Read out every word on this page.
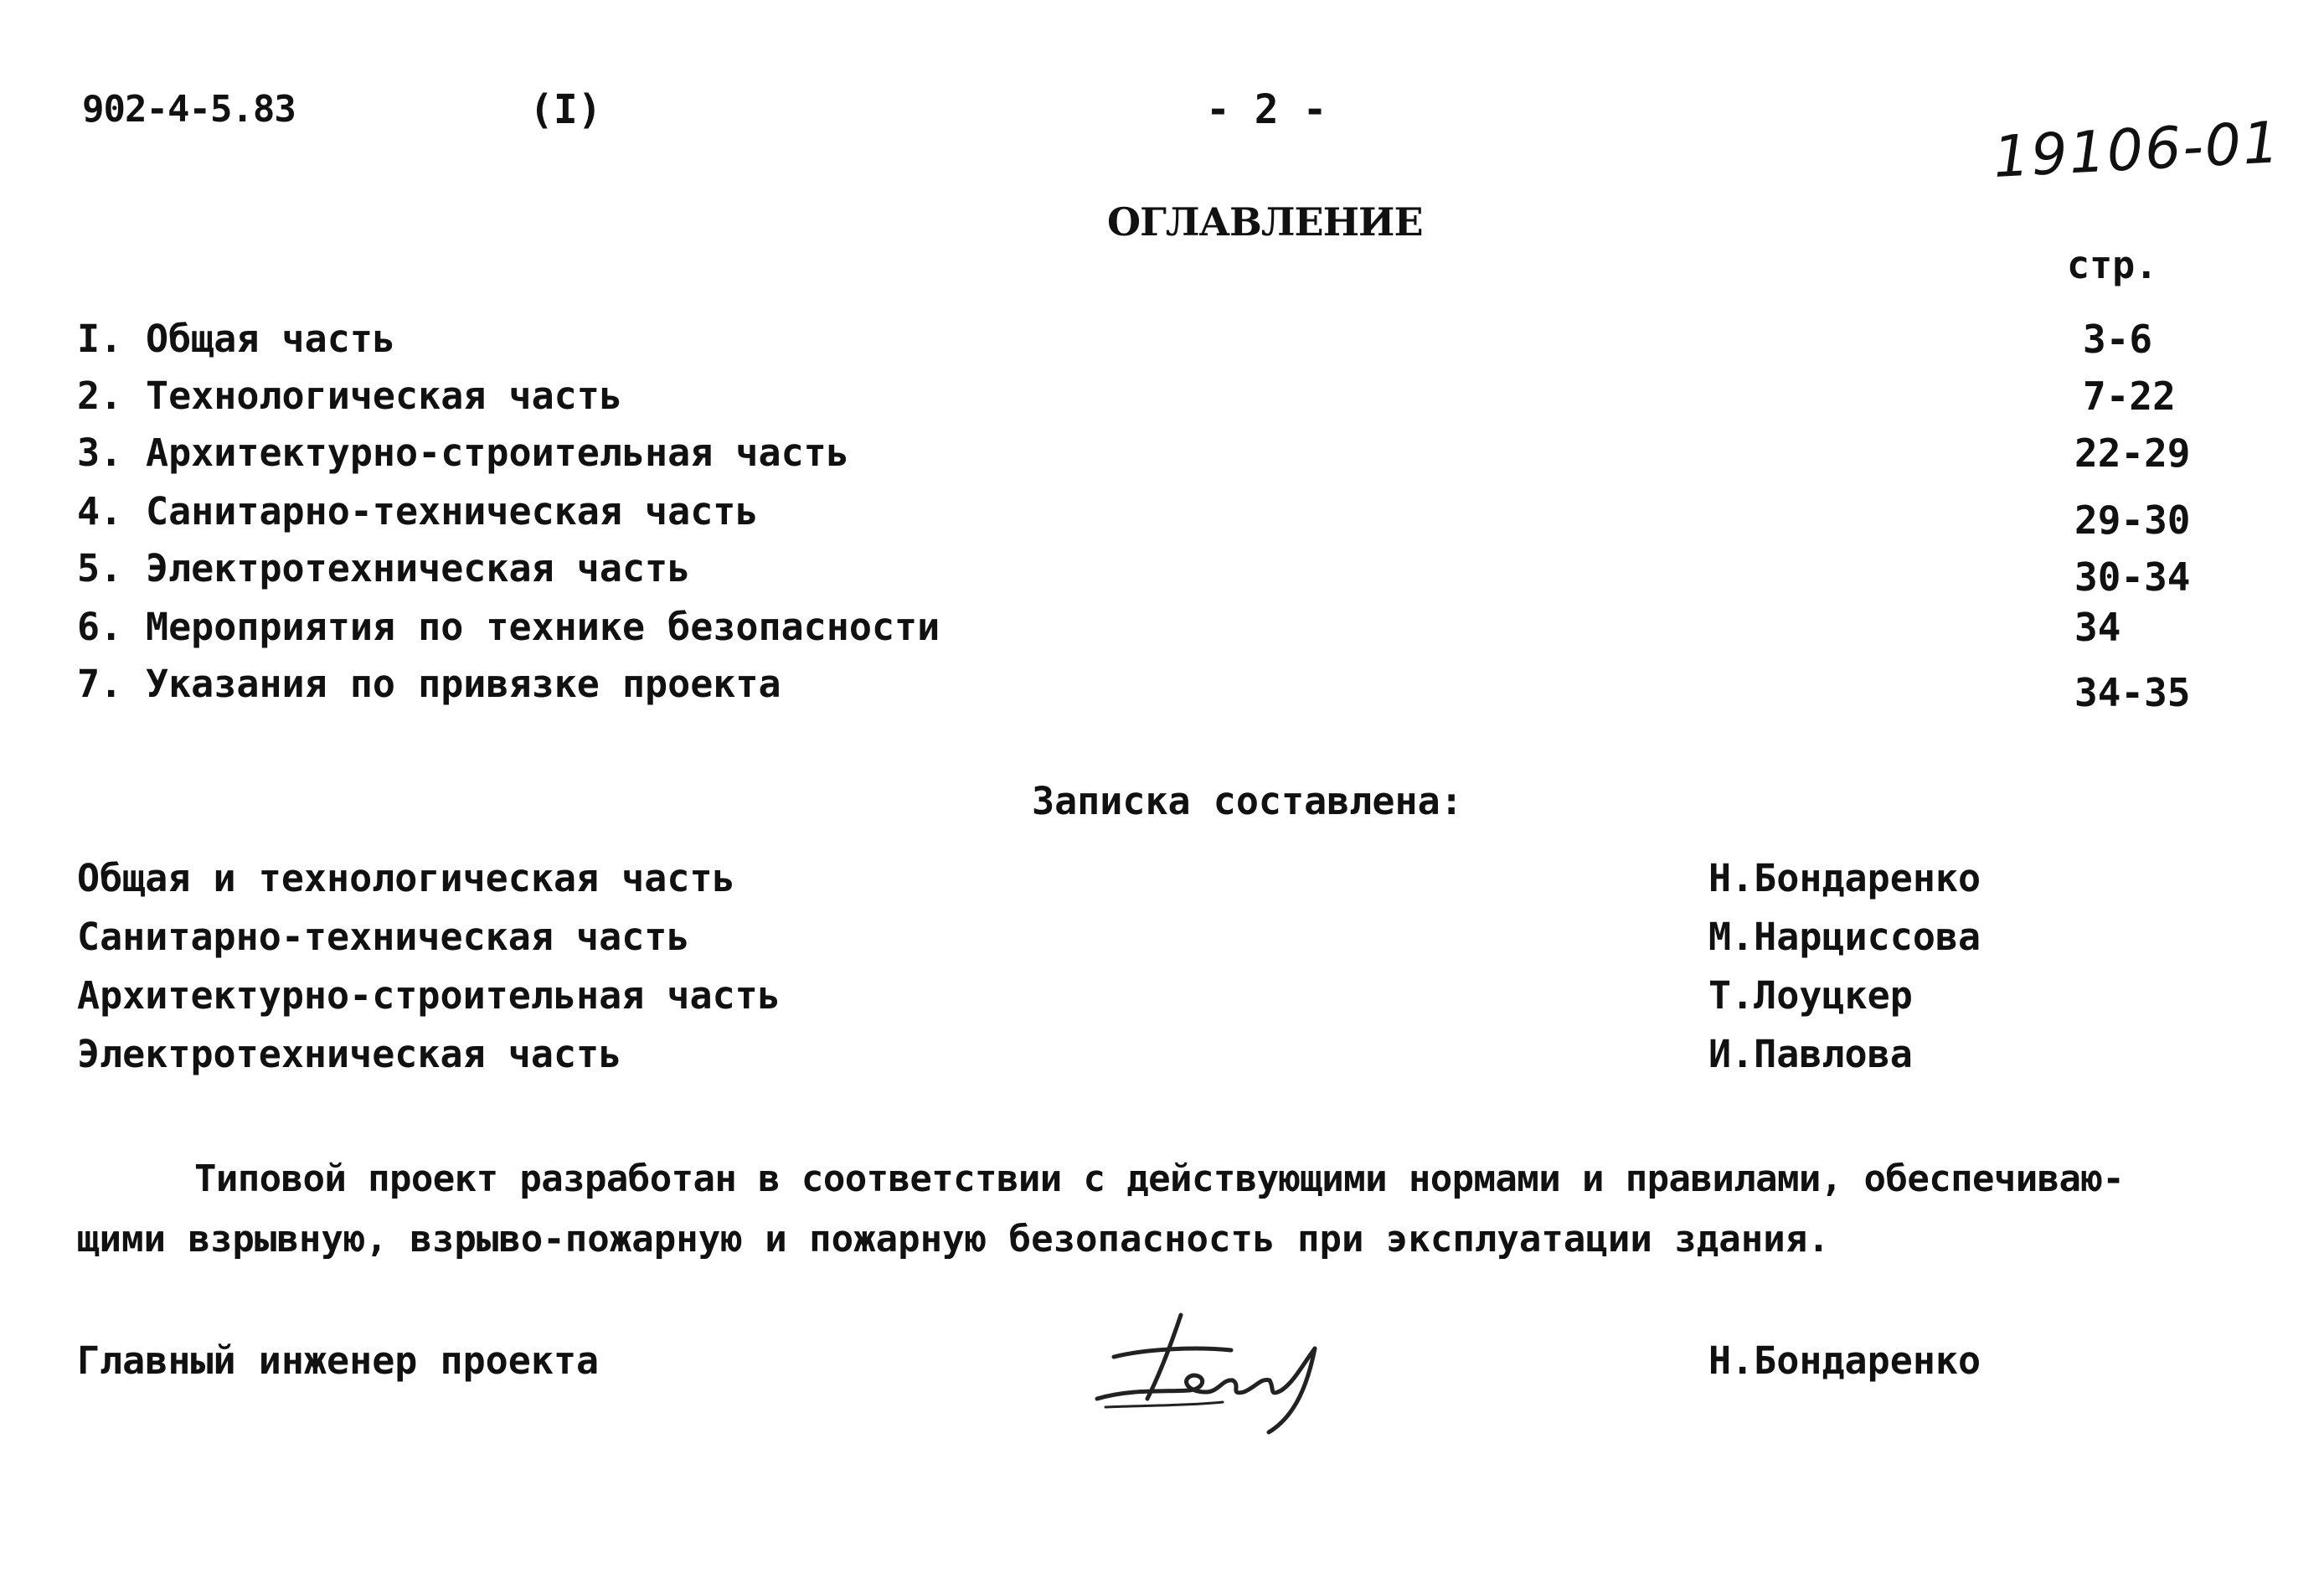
902-4-5.83	(I)	- 2 -
19106-01
ОГЛАВЛЕНИЕ
стр.
I. Общая часть	3-6
2. Технологическая часть	7-22
3. Архитектурно-строительная часть	22-29
4. Санитарно-техническая часть	29-30
5. Электротехническая часть	30-34
6. Мероприятия по технике безопасности	34
7. Указания по привязке проекта	34-35
Записка составлена:
Общая и технологическая часть	Н.Бондаренко
Санитарно-техническая часть	М.Нарциссова
Архитектурно-строительная часть	Т.Лоуцкер
Электротехническая часть	И.Павлова
Типовой проект разработан в соответствии с действующими нормами и правилами, обеспечиваю-
щими взрывную, взрыво-пожарную и пожарную безопасность при эксплуатации здания.
Главный инженер проекта	Н.Бондаренко
